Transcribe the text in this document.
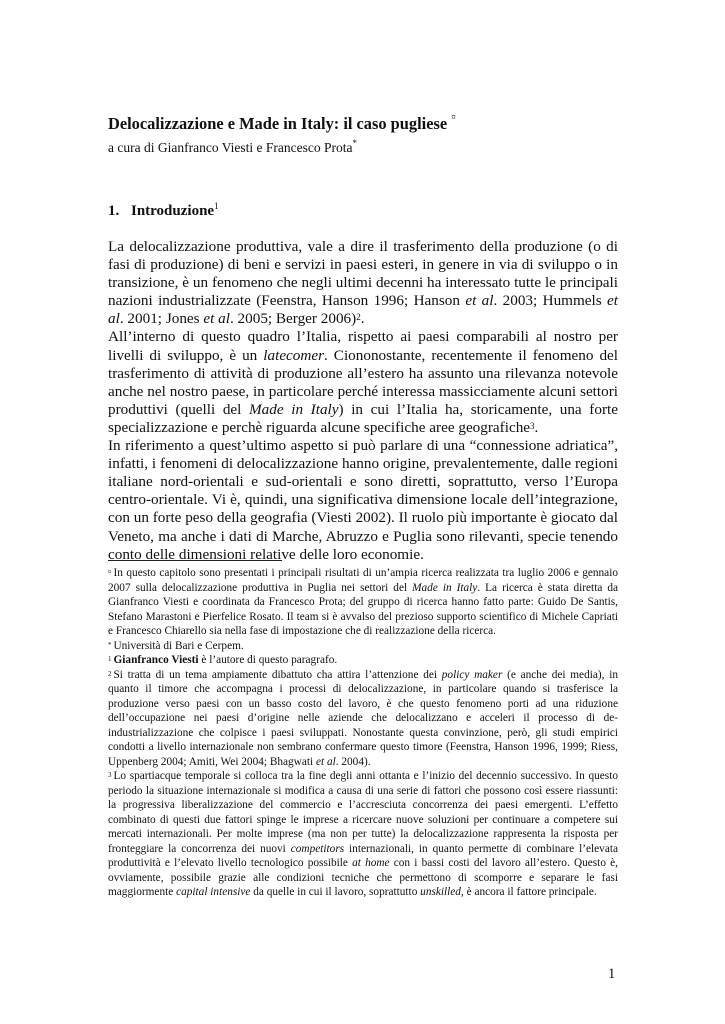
Delocalizzazione e Made in Italy: il caso pugliese ¤
a cura di Gianfranco Viesti e Francesco Prota*
1. Introduzione$^1$

La delocalizzazione produttiva, vale a dire il trasferimento della produzione (o di fasi di produzione) di beni e servizi in paesi esteri, in genere in via di sviluppo o in transizione, è un fenomeno che negli ultimi decenni ha interessato tutte le principali nazioni industrializzate (Feenstra, Hanson 1996; Hanson et al. 2003; Hummels et al. 2001; Jones et al. 2005; Berger 2006)$^2$.

All’interno di questo quadro l’Italia, rispetto ai paesi comparabili al nostro per livelli di sviluppo, è un latecomer. Ciononostante, recentemente il fenomeno del trasferimento di attività di produzione all’estero ha assunto una rilevanza notevole anche nel nostro paese, in particolare perché interessa massicciamente alcuni settori produttivi (quelli del Made in Italy) in cui l’Italia ha, storicamente, una forte specializzazione e perchè riguarda alcune specifiche aree geografiche$^3$.

In riferimento a quest’ultimo aspetto si può parlare di una “connessione adriatica”, infatti, i fenomeni di delocalizzazione hanno origine, prevalentemente, dalle regioni italiane nord-orientali e sud-orientali e sono diretti, soprattutto, verso l’Europa centro-orientale. Vi è, quindi, una significativa dimensione locale dell’integrazione, con un forte peso della geografia (Viesti 2002). Il ruolo più importante è giocato dal Veneto, ma anche i dati di Marche, Abruzzo e Puglia sono rilevanti, specie tenendo conto delle dimensioni relative delle loro economie.

¤ In questo capitolo sono presentati i principali risultati di un’ampia ricerca realizzata tra luglio 2006 e gennaio 2007 sulla delocalizzazione produttiva in Puglia nei settori del Made in Italy. La ricerca è stata diretta da Gianfranco Viesti e coordinata da Francesco Prota; del gruppo di ricerca hanno fatto parte: Guido De Santis, Stefano Marastoni e Pierfelice Rosato. Il team si è avvalso del prezioso supporto scientifico di Michele Capriati e Francesco Chiarello sia nella fase di impostazione che di realizzazione della ricerca.

* Università di Bari e Cerpem.

$^1$ Gianfranco Viesti è l’autore di questo paragrafo.

$^2$ Si tratta di un tema ampiamente dibattuto cha attira l’attenzione dei policy maker (e anche dei media), in quanto il timore che accompagna i processi di delocalizzazione, in particolare quando si trasferisce la produzione verso paesi con un basso costo del lavoro, è che questo fenomeno porti ad una riduzione dell’occupazione nei paesi d’origine nelle aziende che delocalizzano e acceleri il processo di de-industrializzazione che colpisce i paesi sviluppati. Nonostante questa convinzione, però, gli studi empirici condotti a livello internazionale non sembrano confermare questo timore (Feenstra, Hanson 1996, 1999; Riess, Uppenberg 2004; Amiti, Wei 2004; Bhagwati et al. 2004).

$^3$ Lo spartiacque temporale si colloca tra la fine degli anni ottanta e l’inizio del decennio successivo. In questo periodo la situazione internazionale si modifica a causa di una serie di fattori che possono così essere riassunti: la progressiva liberalizzazione del commercio e l’accresciuta concorrenza dei paesi emergenti. L’effetto combinato di questi due fattori spinge le imprese a ricercare nuove soluzioni per continuare a competere sui mercati internazionali. Per molte imprese (ma non per tutte) la delocalizzazione rappresenta la risposta per fronteggiare la concorrenza dei nuovi competitors internazionali, in quanto permette di combinare l’elevata produttività e l’elevato livello tecnologico possibile at home con i bassi costi del lavoro all’estero. Questo è, ovviamente, possibile grazie alle condizioni tecniche che permettono di scomporre e separare le fasi maggiormente capital intensive da quelle in cui il lavoro, soprattutto unskilled, è ancora il fattore principale.

1
